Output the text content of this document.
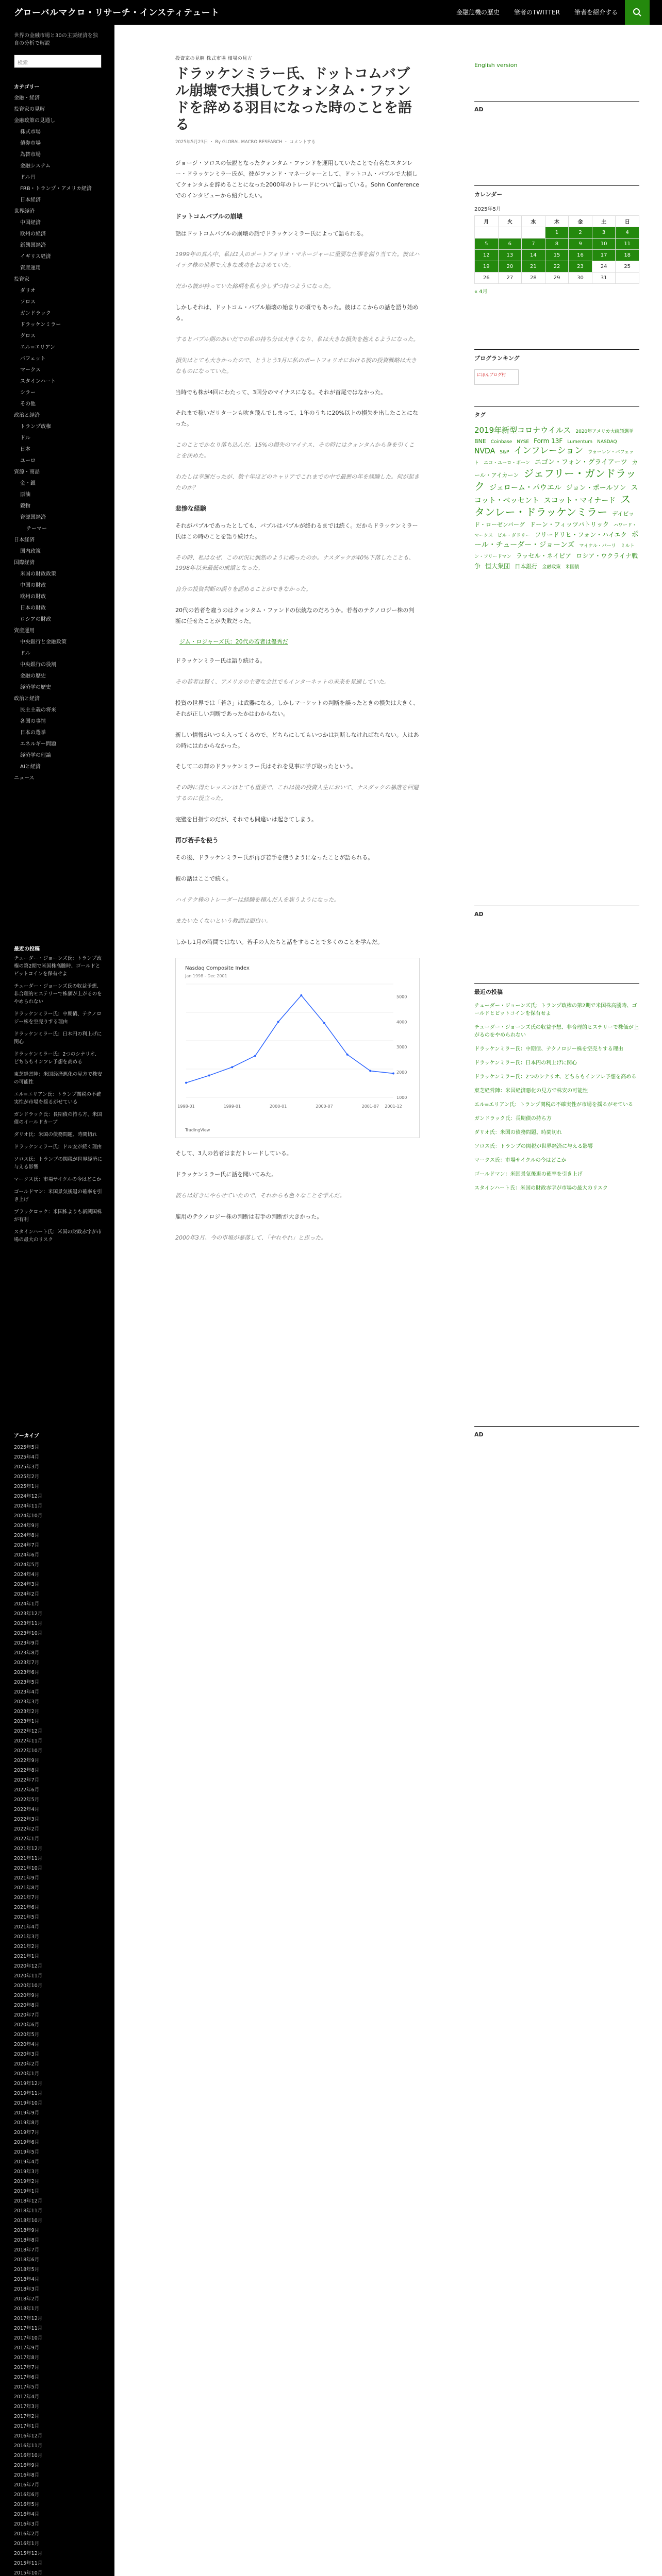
グローバルマクロ・リサーチ・インスティテュート	金融危機の歴史 筆者のTWITTER 筆者を紹介する
世界の金融市場と30の主要経済を独自の分析で解説
検索
カテゴリー
金融・経済
投資家の見解
金融政策の見通し
株式市場
債券市場
為替市場
金融システム
ドル円
FRB・トランプ・アメリカ経済
日本経済
世界経済
中国経済
欧州の経済
新興国経済
イギリス経済
資産運用
投資家
ダリオ
ソロス
ガンドラック
ドラッケンミラー
グロス
エル=エリアン
バフェット
マークス
スタインハート
シラー
その他
政治と経済
トランプ政権
ドル
日本
ユーロ
資源・商品
金・銀
原油
穀物
資源国経済
チーマー
日本経済
国内政策
国際経済
米国の財政政策
中国の財政
欧州の財政
日本の財政
ロシアの財政
資産運用
中央銀行と金融政策
ドル
中央銀行の役割
金融の歴史
経済学の歴史
政治と経済
民主主義の将来
各国の事情
日本の選挙
エネルギー問題
経済学の理論
AIと経済
ニュース
最近の投稿

チューダー・ジョーンズ氏：トランプ政権の第2期で米国株高騰時、ゴールドとビットコインを保有せよ

チューダー・ジョーンズ氏の収益予想、非合理的ヒステリーで株価が上がるのをやめられない

ドラッケンミラー氏：中期債、テクノロジー株を空売りする理由

ドラッケンミラー氏：日本円の利上げに関心

ドラッケンミラー氏：2つのシナリオ、どちらもインフレ予想を高める

東芝経営陣：米国経済悪化の見方で株安の可能性

エル=エリアン氏：トランプ関税の不確実性が市場を揺るがせている

ガンドラック氏：長期債の持ち方、米国債のイールドカーブ

ダリオ氏：米国の債務問題、時間切れ

ドラッケンミラー氏：ドル安が続く理由

ソロス氏：トランプの関税が世界経済に与える影響

マークス氏：市場サイクルの今はどこか

ゴールドマン：米国景気後退の確率を引き上げ

ブラックロック：米国株よりも新興国株が有利

スタインハート氏：米国の財政赤字が市場の最大のリスク

アーカイブ
2025年5月
2025年4月
2025年3月
2025年2月
2025年1月
2024年12月
2024年11月
2024年10月
2024年9月
2024年8月
2024年7月
2024年6月
2024年5月
2024年4月
2024年3月
2024年2月
2024年1月
2023年12月
2023年11月
2023年10月
2023年9月
2023年8月
2023年7月
2023年6月
2023年5月
2023年4月
2023年3月
2023年2月
2023年1月
2022年12月
2022年11月
2022年10月
2022年9月
2022年8月
2022年7月
2022年6月
2022年5月
2022年4月
2022年3月
2022年2月
2022年1月
2021年12月
2021年11月
2021年10月
2021年9月
2021年8月
2021年7月
2021年6月
2021年5月
2021年4月
2021年3月
2021年2月
2021年1月
2020年12月
2020年11月
2020年10月
2020年9月
2020年8月
2020年7月
2020年6月
2020年5月
2020年4月
2020年3月
2020年2月
2020年1月
2019年12月
2019年11月
2019年10月
2019年9月
2019年8月
2019年7月
2019年6月
2019年5月
2019年4月
2019年3月
2019年2月
2019年1月
2018年12月
2018年11月
2018年10月
2018年9月
2018年8月
2018年7月
2018年6月
2018年5月
2018年4月
2018年3月
2018年2月
2018年1月
2017年12月
2017年11月
2017年10月
2017年9月
2017年8月
2017年7月
2017年6月
2017年5月
2017年4月
2017年3月
2017年2月
2017年1月
2016年12月
2016年11月
2016年10月
2016年9月
2016年8月
2016年7月
2016年6月
2016年5月
2016年4月
2016年3月
2016年2月
2016年1月
2015年12月
2015年11月
2015年10月
投資家の見解 株式市場 相場の見方
ドラッケンミラー氏、ドットコムバブル崩壊で大損してクォンタム・ファンドを辞める羽目になった時のことを語る
2025年5月23日 ・ By GLOBAL MACRO RESEARCH ・ コメントする

ジョージ・ソロスの伝説となったクォンタム・ファンドを運用していたことで有名なスタンレー・ドラッケンミラー氏が、彼がファンド・マネージャーとして、ドットコム・バブルで大損してクォンタムを辞めることになった2000年のトレードについて語っている。Sohn Conference でのインタビューから紹介したい。

ドットコムバブルの崩壊

話はドットコムバブルの崩壊の話でドラッケンミラー氏によって語られる。

1999年の真ん中、私は1人のポートフォリオ・マネージャーに重要な仕事を割り当てた。彼はハイテク株の世界で大きな成功をおさめていた。

だから彼が持っていた銘柄を私も少しずつ持つようになった。

しかしそれは、ドットコム・バブル崩壊の始まりの頃でもあった。彼はここからの話を語り始める。

するとバブル期のあいだでの私の持ち分は大きくなり、私は大きな損失を抱えるようになった。

損失はとても大きかったので、とうとう3月に私のポートフォリオにおける彼の投資戦略は大きなものになっていた。

当時でも株が4回にわたって、3回分のマイナスになる。それが首尾ではなかった。

それまで稼いだリターンも吹き飛んでしまって、1年のうちに20%以上の損失を出したことになった。

このことでかなり落ち込んだ。15%の損失のマイナス、その時にはクォンタムから身を引くことを決めた。

わたしは幸運だったが、数十年ほどのキャリアでこれまでの中で最悪の年を経験した。何が起きたのか？

悲惨な経験

それがバブルであったとしても、バブルはバブルが終わるまでは続く。だからドラッケンミラー氏はこの時のことを語り続けた。

その時、私はなぜ、この状況に偶然のように陥ったのか。ナスダックが40%下落したことも、1998年以来最低の成績となった。

自分の投資判断の誤りを認めることができなかった。

20代の若者を雇うのはクォンタム・ファンドの伝統なのだろうか。若者のテクノロジー株の判断に任せたことが失敗だった。

ジム・ロジャーズ氏：20代の若者は優秀だ

ドラッケンミラー氏は語り続ける。

その若者は賢く、アメリカの主要な会社でもインターネットの未来を見通していた。

投資の世界では「若さ」は武器になる。しかしマーケットの判断を誤ったときの損失は大きく、それが正しい判断であったかはわからない。

新しい情報がいつも入ってくるので、どちらにしてもいつかは判断しなければならない。人はあの時にはわからなかった。

そして二の舞のドラッケンミラー氏はそれを見事に学び取ったという。

その時に得たレッスンはとても重要で、これは後の投資人生において、ナスダックの暴落を回避するのに役立った。

完璧を目指すのだが、それでも間違いは起きてしまう。

再び若手を使う

その後、ドラッケンミラー氏が再び若手を使うようになったことが語られる。

彼の話はここで続く。

ハイテク株のトレーダーは経験を積んだ人を雇うようになった。

またいたくないという教訓は面白い。

しかし1月の時間ではない。若手の人たちと話をすることで多くのことを学んだ。

Nasdaq Composite Index
Jan 1998 - Dec 2001
1998-01	1999-01	2000-01	2000-07	2001-07 2001-12
1000
2000
3000
4000
5000
TradingView

そして、3人の若者はまだトレードしている。

ドラッケンミラー氏に話を聞いてみた。

彼らは好きにやらせていたので、それからも色々なことを学んだ。

雇用のテクノロジー株の判断は若手の判断が大きかった。

2000年3月、今の市場が暴落して、「やれやれ」と思った。

English version
AD
カレンダー
2025年5月
月	火	水	木	金	土	日
			1	2	3	4
5	6	7	8	9	10	11
12	13	14	15	16	17	18
19	20	21	22	23	24	25
26	27	28	29	30	31	
« 4月
ブログランキング
にほんブログ村
タグ
2019年新型コロナウイルス 2020年アメリカ大統領選挙 BNE Coinbase NYSE Form 13F Lumentum NASDAQ NVDA S&P インフレーション ウォーレン・バフェット エコ・ユーロ・ボーン エゴン・フォン・グライアーツ カール・アイカーン ジェフリー・ガンドラック ジェローム・パウエル ジョン・ポールソン スコット・ベッセント スコット・マイナード スタンレー・ドラッケンミラー デイビッド・ローゼンバーグ ドーン・フィッツパトリック ハワード・マークス ビル・ダドリー フリードリヒ・フォン・ハイエク ポール・チューダー・ジョーンズ マイケル・バーリ ミルトン・フリードマン ラッセル・ネイピア ロシア・ウクライナ戦争 恒大集団 日本銀行 金融政策 米国債
AD
最近の投稿

チューダー・ジョーンズ氏：トランプ政権の第2期で米国株高騰時、ゴールドとビットコインを保有せよ

チューダー・ジョーンズ氏の収益予想、非合理的ヒステリーで株価が上がるのをやめられない

ドラッケンミラー氏：中期債、テクノロジー株を空売りする理由

ドラッケンミラー氏：日本円の利上げに関心

ドラッケンミラー氏：2つのシナリオ、どちらもインフレ予想を高める

東芝経営陣：米国経済悪化の見方で株安の可能性

エル=エリアン氏：トランプ関税の不確実性が市場を揺るがせている

ガンドラック氏：長期債の持ち方

ダリオ氏：米国の債務問題、時間切れ

ソロス氏：トランプの関税が世界経済に与える影響

マークス氏：市場サイクルの今はどこか

ゴールドマン：米国景気後退の確率を引き上げ

スタインハート氏：米国の財政赤字が市場の最大のリスク

AD
